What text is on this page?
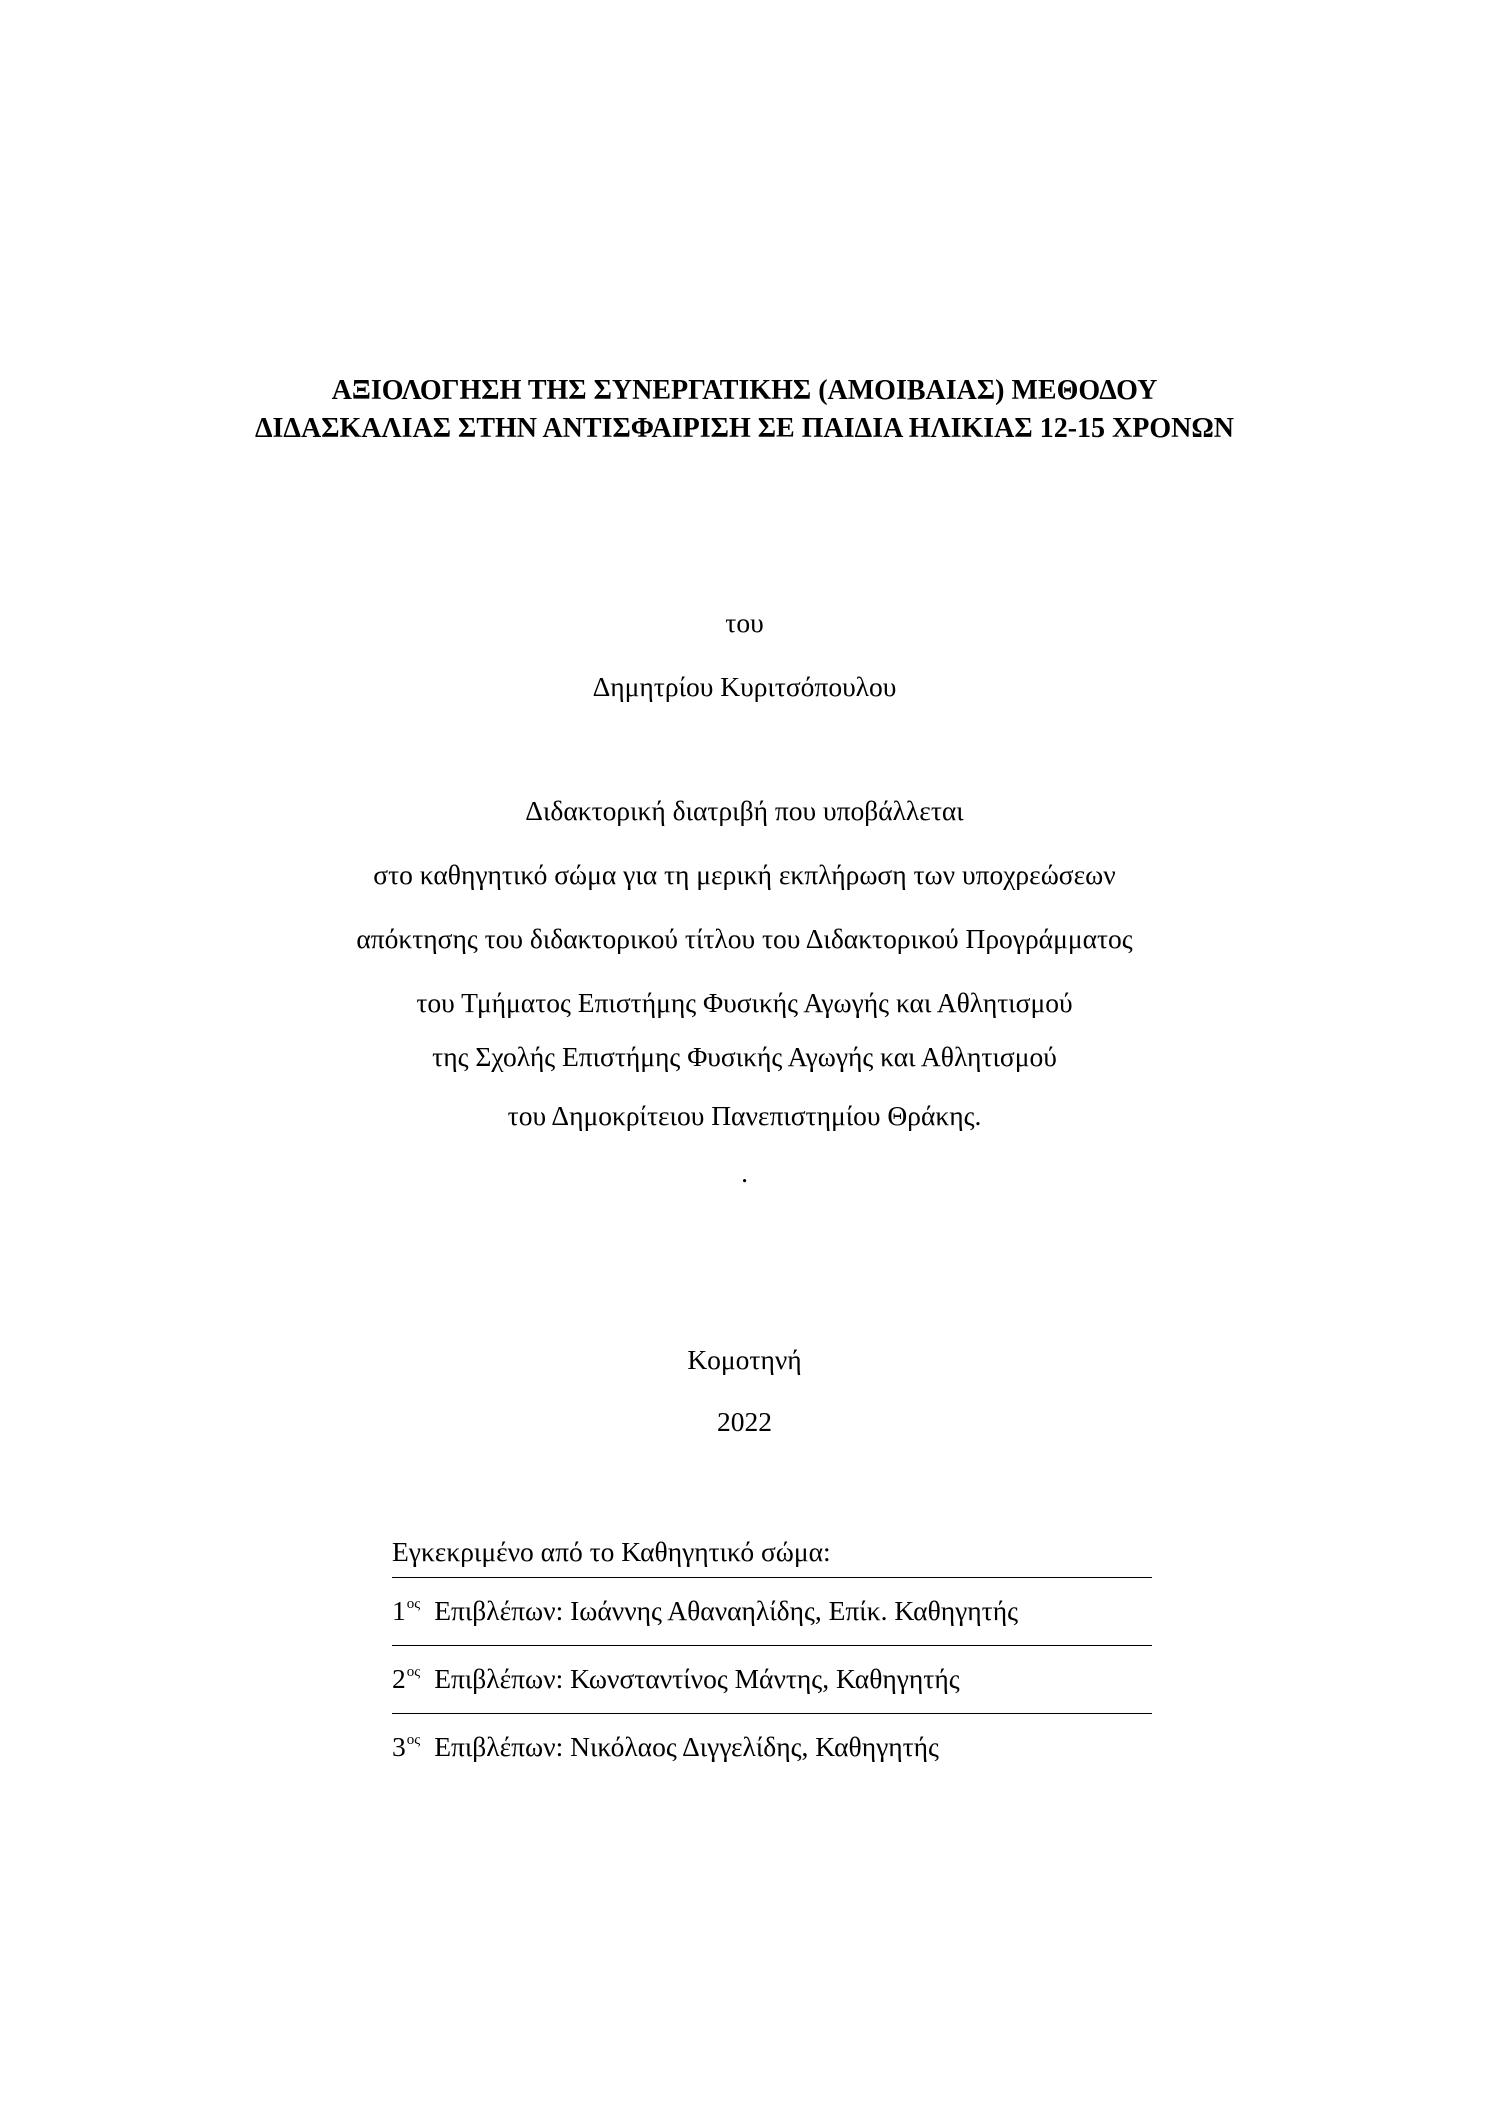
ΑΞΙΟΛΟΓΗΣΗ ΤΗΣ ΣΥΝΕΡΓΑΤΙΚΗΣ (ΑΜΟΙΒΑΙΑΣ) ΜΕΘΟΔΟΥ
ΔΙΔΑΣΚΑΛΙΑΣ ΣΤΗΝ ΑΝΤΙΣΦΑΙΡΙΣΗ ΣΕ ΠΑΙΔΙΑ ΗΛΙΚΙΑΣ 12-15 ΧΡΟΝΩΝ
του
Δημητρίου Κυριτσόπουλου
Διδακτορική διατριβή που υποβάλλεται
στο καθηγητικό σώμα για τη μερική εκπλήρωση των υποχρεώσεων
απόκτησης του διδακτορικού τίτλου του Διδακτορικού Προγράμματος
του Τμήματος Επιστήμης Φυσικής Αγωγής και Αθλητισμού
της Σχολής Επιστήμης Φυσικής Αγωγής και Αθλητισμού
του Δημοκρίτειου Πανεπιστημίου Θράκης.
.
Κομοτηνή
2022
Εγκεκριμένο από το Καθηγητικό σώμα:
$1^{o\varsigma}$ Επιβλέπων: Ιωάννης Αθαναηλίδης, Επίκ. Καθηγητής
$2^{o\varsigma}$ Επιβλέπων: Κωνσταντίνος Μάντης, Καθηγητής
$3^{o\varsigma}$ Επιβλέπων: Νικόλαος Διγγελίδης, Καθηγητής
